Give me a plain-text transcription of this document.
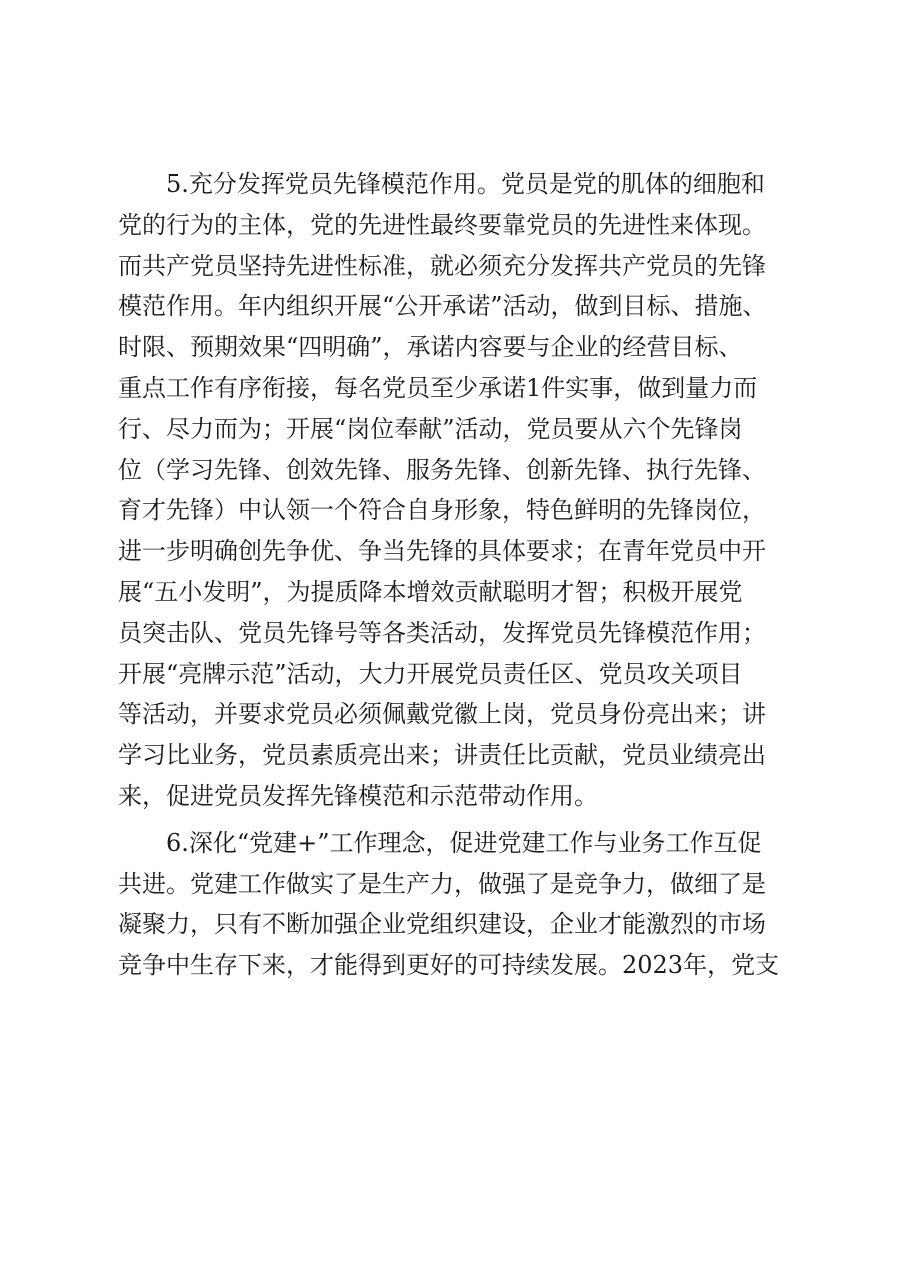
　　5.充分发挥党员先锋模范作用。党员是党的肌体的细胞和
党的行为的主体，党的先进性最终要靠党员的先进性来体现。
而共产党员坚持先进性标准，就必须充分发挥共产党员的先锋
模范作用。年内组织开展“公开承诺”活动，做到目标、措施、
时限、预期效果“四明确”，承诺内容要与企业的经营目标、
重点工作有序衔接，每名党员至少承诺1件实事，做到量力而
行、尽力而为；开展“岗位奉献”活动，党员要从六个先锋岗
位（学习先锋、创效先锋、服务先锋、创新先锋、执行先锋、
育才先锋）中认领一个符合自身形象，特色鲜明的先锋岗位，
进一步明确创先争优、争当先锋的具体要求；在青年党员中开
展“五小发明”，为提质降本增效贡献聪明才智；积极开展党
员突击队、党员先锋号等各类活动，发挥党员先锋模范作用；
开展“亮牌示范”活动，大力开展党员责任区、党员攻关项目
等活动，并要求党员必须佩戴党徽上岗，党员身份亮出来；讲
学习比业务，党员素质亮出来；讲责任比贡献，党员业绩亮出
来，促进党员发挥先锋模范和示范带动作用。
　　6.深化“党建+”工作理念，促进党建工作与业务工作互促
共进。党建工作做实了是生产力，做强了是竞争力，做细了是
凝聚力，只有不断加强企业党组织建设，企业才能激烈的市场
竞争中生存下来，才能得到更好的可持续发展。2023年，党支
